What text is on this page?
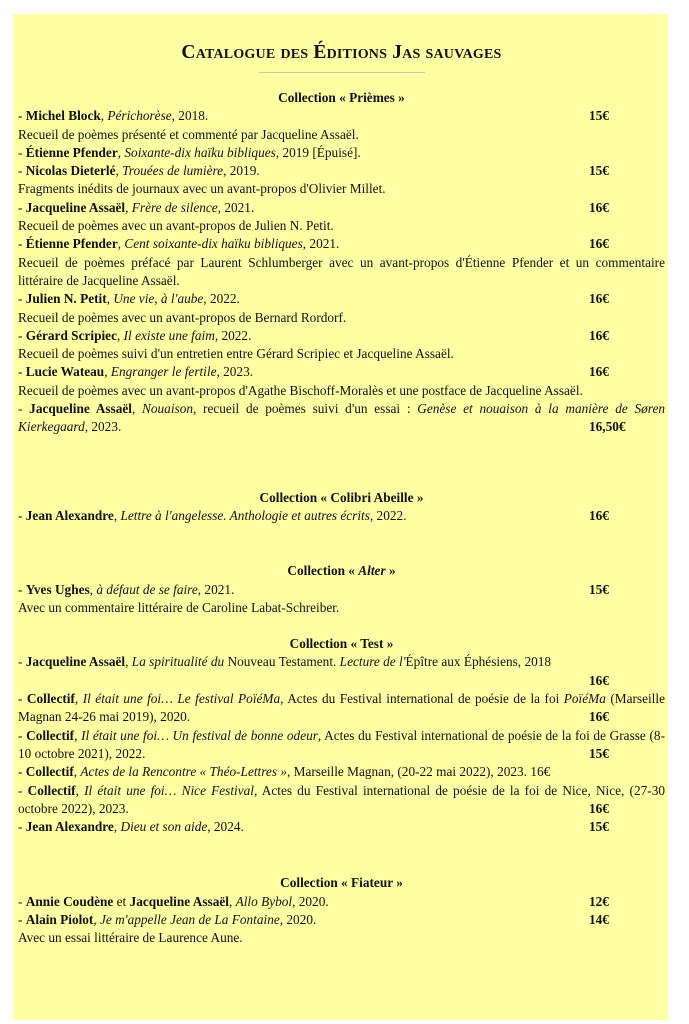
Catalogue des Éditions Jas sauvages
Collection « Prièmes »
- Michel Block, Périchorèse, 2018.	15€
Recueil de poèmes présenté et commenté par Jacqueline Assaël.
- Étienne Pfender, Soixante-dix haïku bibliques, 2019 [Épuisé].
- Nicolas Dieterlé, Trouées de lumière, 2019.	15€
Fragments inédits de journaux avec un avant-propos d'Olivier Millet.
- Jacqueline Assaël, Frère de silence, 2021.	16€
Recueil de poèmes avec un avant-propos de Julien N. Petit.
- Étienne Pfender, Cent soixante-dix haïku bibliques, 2021.	16€
Recueil de poèmes préfacé par Laurent Schlumberger avec un avant-propos d'Étienne Pfender et un commentaire littéraire de Jacqueline Assaël.
- Julien N. Petit, Une vie, à l'aube, 2022.	16€
Recueil de poèmes avec un avant-propos de Bernard Rordorf.
- Gérard Scripiec, Il existe une faim, 2022.	16€
Recueil de poèmes suivi d'un entretien entre Gérard Scripiec et Jacqueline Assaël.
- Lucie Wateau, Engranger le fertile, 2023.	16€
Recueil de poèmes avec un avant-propos d'Agathe Bischoff-Moralès et une postface de Jacqueline Assaël.
- Jacqueline Assaël, Nouaison, recueil de poèmes suivi d'un essai : Genèse et nouaison à la manière de Søren Kierkegaard, 2023.	16,50€
Collection « Colibri Abeille »
- Jean Alexandre, Lettre à l'angelesse. Anthologie et autres écrits, 2022.	16€
Collection « Alter »
- Yves Ughes, à défaut de se faire, 2021.	15€
Avec un commentaire littéraire de Caroline Labat-Schreiber.
Collection « Test »
- Jacqueline Assaël, La spiritualité du Nouveau Testament. Lecture de l'Épître aux Éphésiens, 2018
16€
- Collectif, Il était une foi… Le festival PoïéMa, Actes du Festival international de poésie de la foi PoïéMa (Marseille Magnan 24-26 mai 2019), 2020.	16€
- Collectif, Il était une foi… Un festival de bonne odeur, Actes du Festival international de poésie de la foi de Grasse (8-10 octobre 2021), 2022.	15€
- Collectif, Actes de la Rencontre « Théo-Lettres », Marseille Magnan, (20-22 mai 2022), 2023. 16€
- Collectif, Il était une foi… Nice Festival, Actes du Festival international de poésie de la foi de Nice, Nice, (27-30 octobre 2022), 2023.	16€
- Jean Alexandre, Dieu et son aide, 2024.	15€
Collection « Fiateur »
- Annie Coudène et Jacqueline Assaël, Allo Bybol, 2020.	12€
- Alain Piolot, Je m'appelle Jean de La Fontaine, 2020.	14€
Avec un essai littéraire de Laurence Aune.
